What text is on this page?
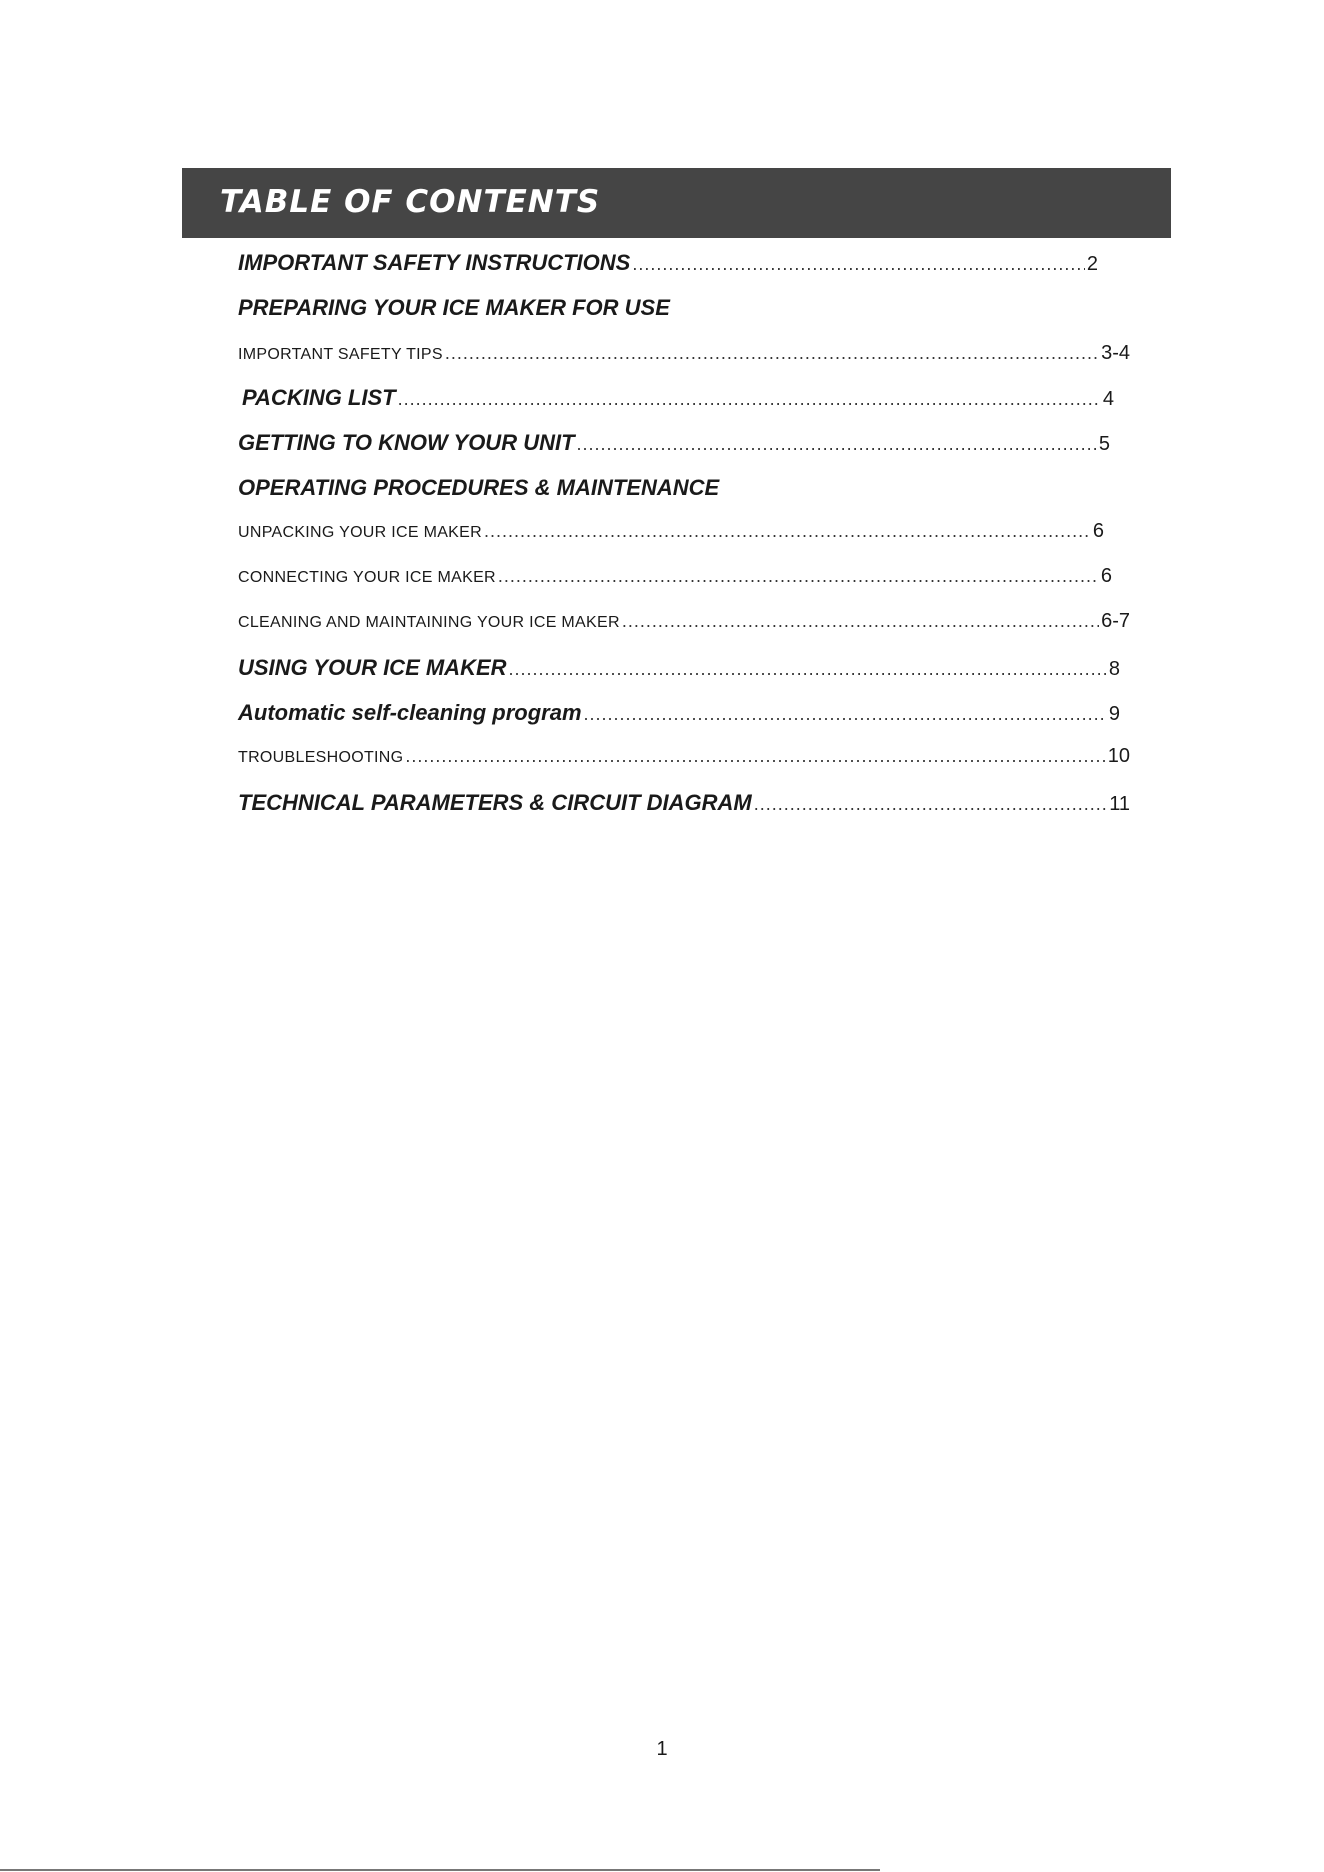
TABLE OF CONTENTS
IMPORTANT SAFETY INSTRUCTIONS .....	2
PREPARING YOUR ICE MAKER FOR USE
IMPORTANT SAFETY TIPS .....	3-4
PACKING LIST .....	4
GETTING TO KNOW YOUR UNIT .....	5
OPERATING PROCEDURES & MAINTENANCE
UNPACKING YOUR ICE MAKER .....	6
CONNECTING YOUR ICE MAKER .....	6
CLEANING AND MAINTAINING YOUR ICE MAKER .....	6-7
USING YOUR ICE MAKER .....	8
Automatic self-cleaning program .....	9
TROUBLESHOOTING .....	10
TECHNICAL PARAMETERS & CIRCUIT DIAGRAM .....	11
1
